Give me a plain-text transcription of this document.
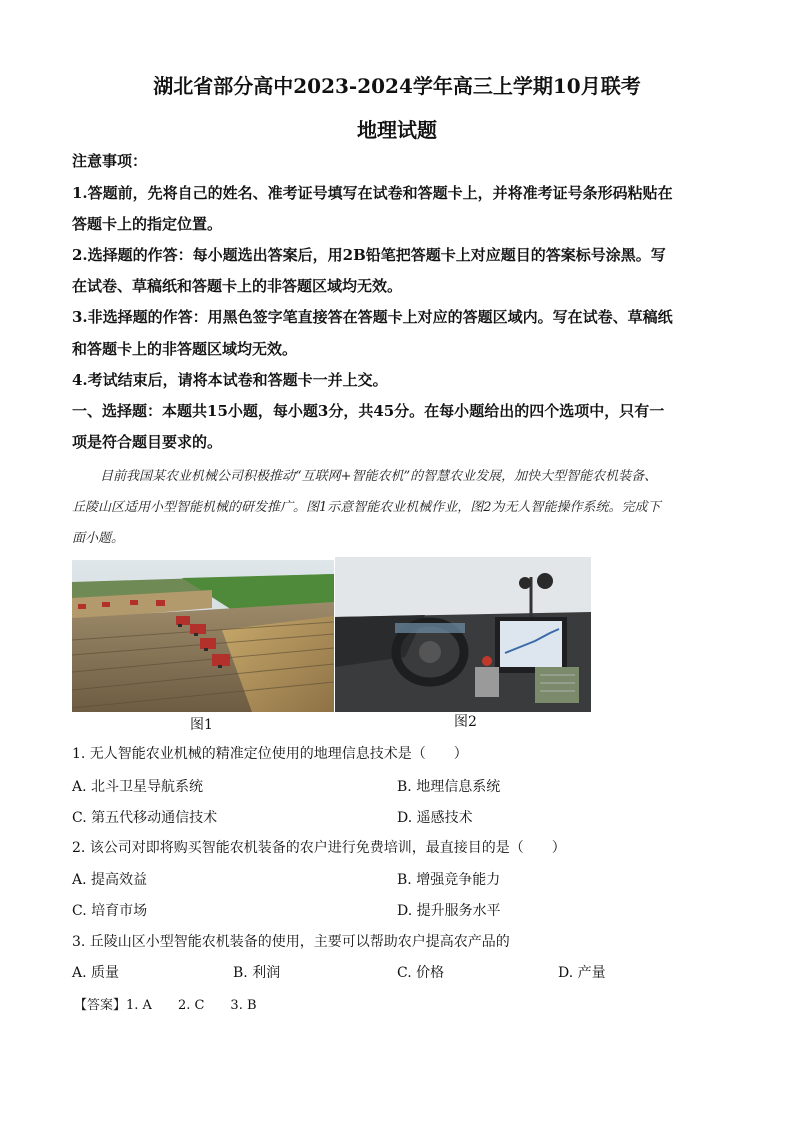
湖北省部分高中2023-2024学年高三上学期10月联考
地理试题
注意事项：
1.答题前，先将自己的姓名、准考证号填写在试卷和答题卡上，并将准考证号条形码粘贴在
答题卡上的指定位置。
2.选择题的作答：每小题选出答案后，用2B铅笔把答题卡上对应题目的答案标号涂黑。写
在试卷、草稿纸和答题卡上的非答题区域均无效。
3.非选择题的作答：用黑色签字笔直接答在答题卡上对应的答题区域内。写在试卷、草稿纸
和答题卡上的非答题区域均无效。
4.考试结束后，请将本试卷和答题卡一并上交。
一、选择题：本题共15小题，每小题3分，共45分。在每小题给出的四个选项中，只有一
项是符合题目要求的。
目前我国某农业机械公司积极推动“互联网+智能农机”的智慧农业发展，加快大型智能农机装备、
丘陵山区适用小型智能机械的研发推广。图1示意智能农业机械作业，图2为无人智能操作系统。完成下
面小题。
图1	图2
1. 无人智能农业机械的精准定位使用的地理信息技术是（　　）
A. 北斗卫星导航系统	B. 地理信息系统
C. 第五代移动通信技术	D. 遥感技术
2. 该公司对即将购买智能农机装备的农户进行免费培训，最直接目的是（　　）
A. 提高效益	B. 增强竞争能力
C. 培育市场	D. 提升服务水平
3. 丘陵山区小型智能农机装备的使用，主要可以帮助农户提高农产品的
A. 质量	B. 利润	C. 价格	D. 产量
【答案】1. A　　2. C　　3. B
